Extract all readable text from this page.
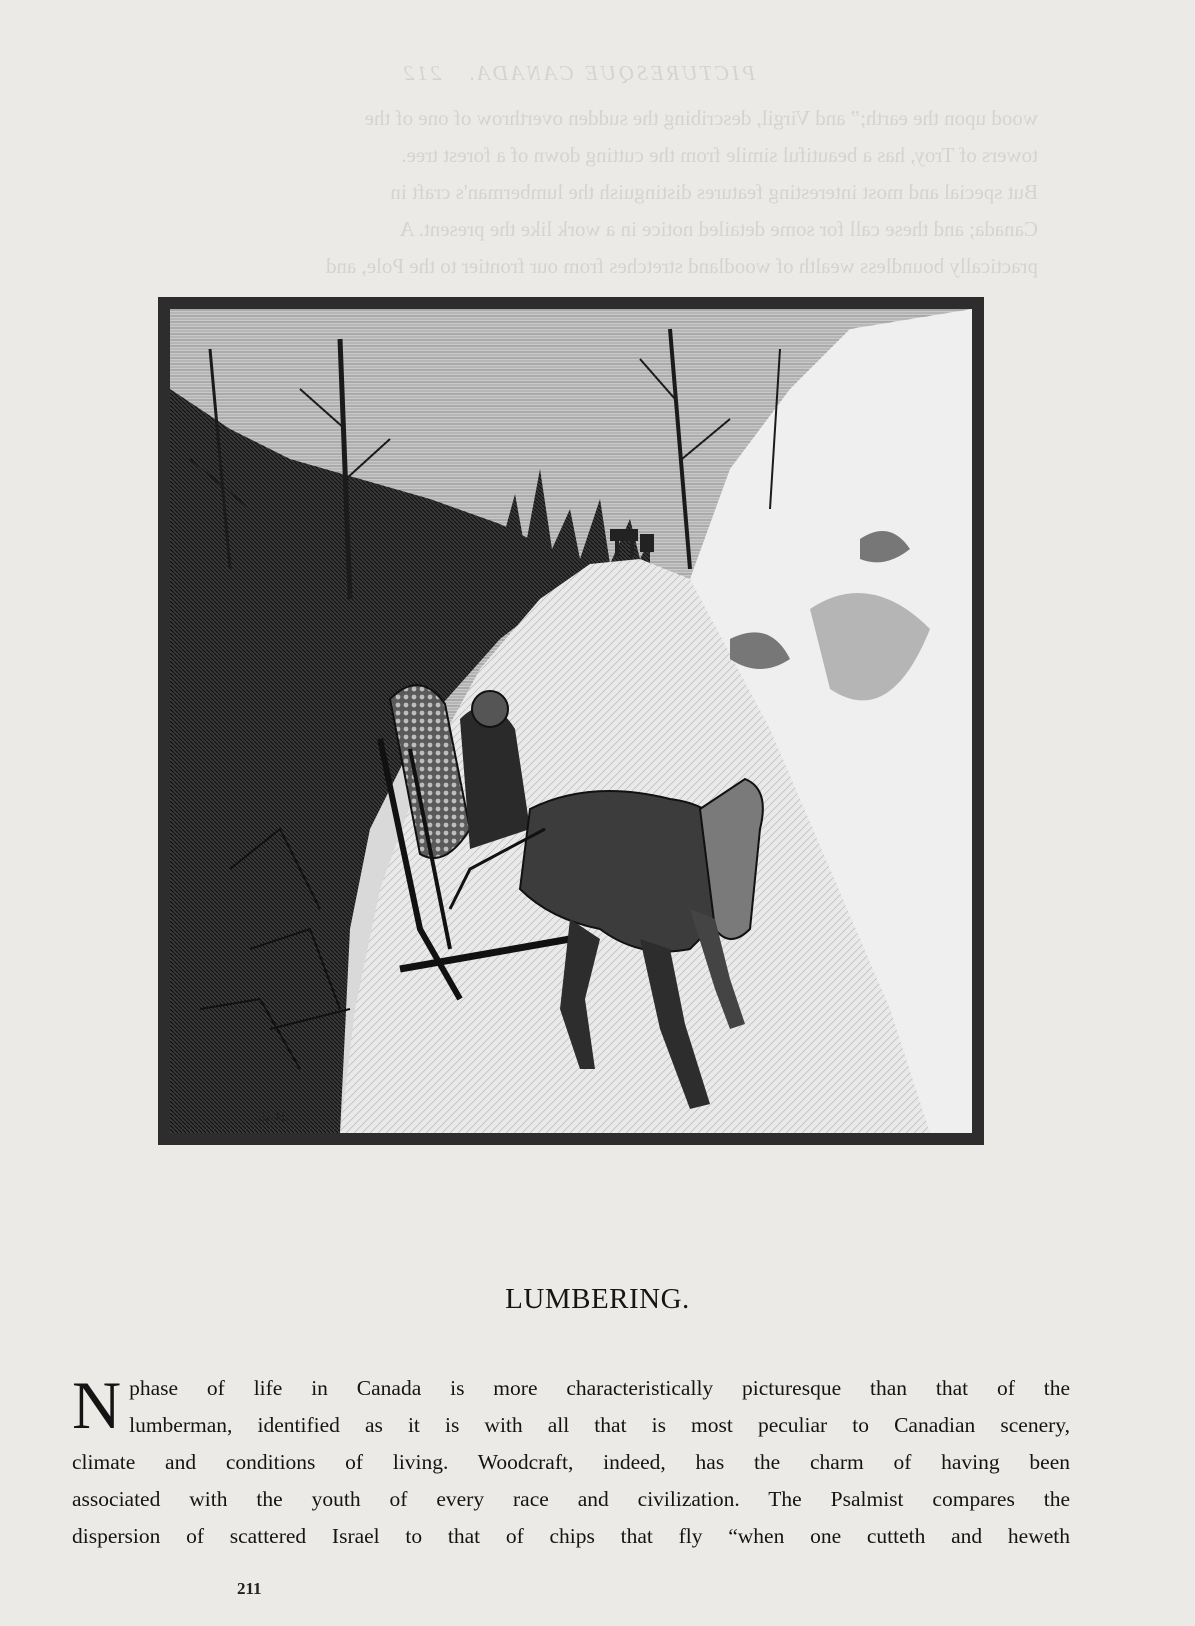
PICTURESQUE CANADA.   212

wood upon the earth;” and Virgil, describing the sudden overthrow of one of the

towers of Troy, has a beautiful simile from the cutting down of a forest tree.

But special and most interesting features distinguish the lumberman's craft in

Canada; and these call for some detailed notice in a work like the present. A

practically boundless wealth of woodland stretches from our frontier to the Pole, and

S&H.
LUMBERING.
N phase of life in Canada is more characteristically picturesque than that of the
lumberman, identified as it is with all that is most peculiar to Canadian scenery,
climate and conditions of living. Woodcraft, indeed, has the charm of having been
associated with the youth of every race and civilization. The Psalmist compares the
dispersion of scattered Israel to that of chips that fly “when one cutteth and heweth
211
